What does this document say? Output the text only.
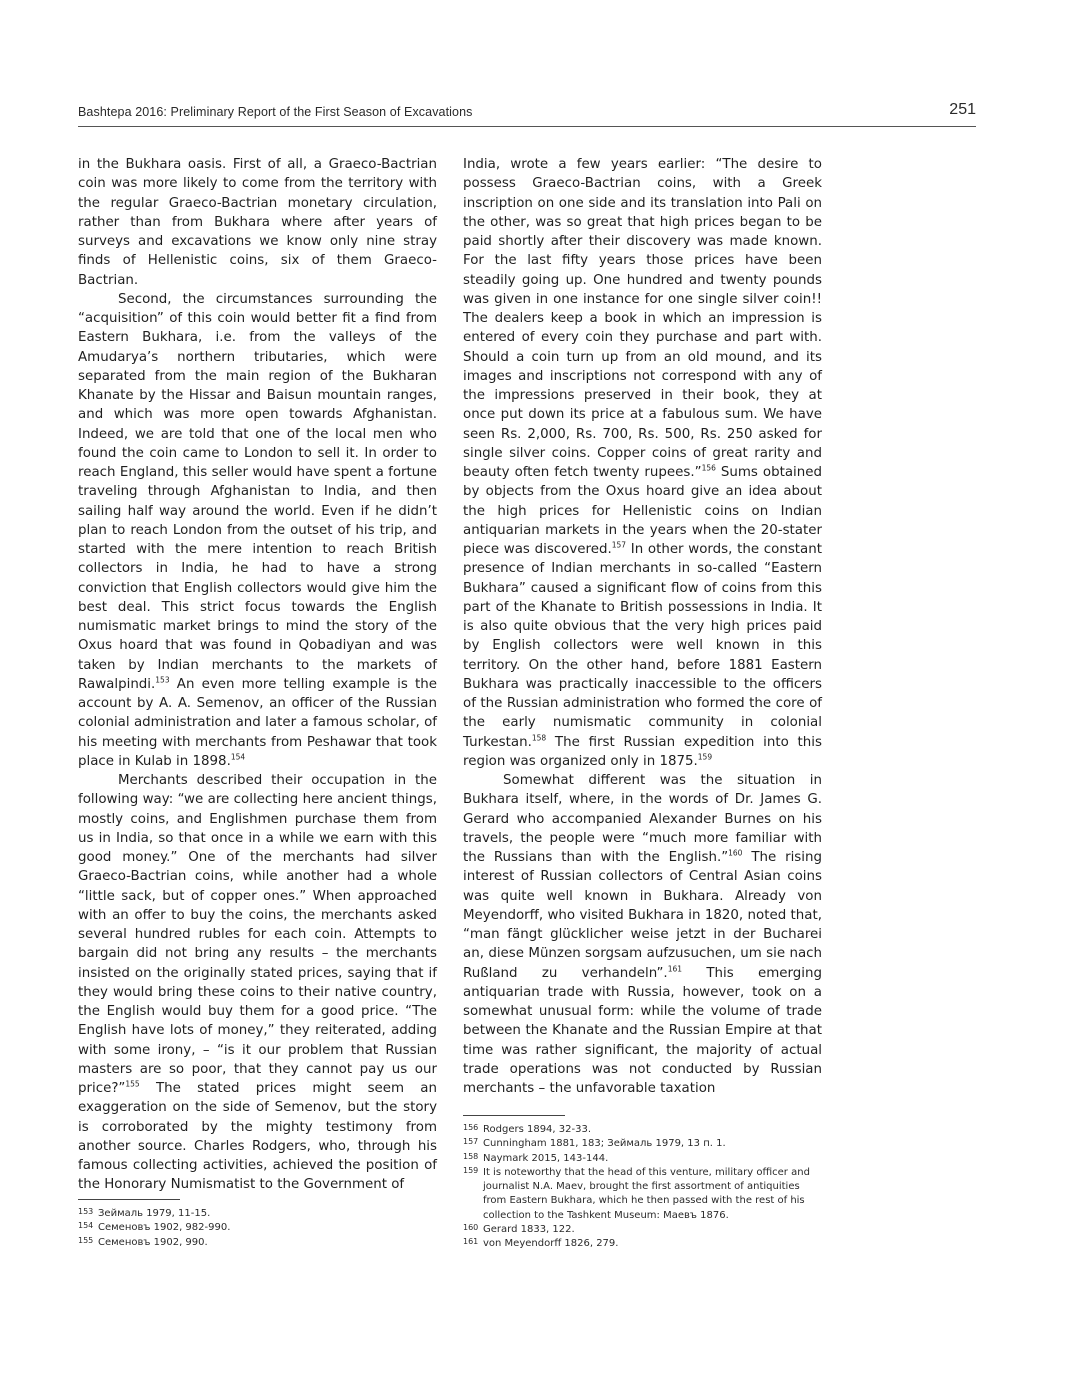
Bashtepa 2016: Preliminary Report of the First Season of Excavations	251

in the Bukhara oasis. First of all, a Graeco-Bactrian coin was more likely to come from the territory with the regular Graeco-Bactrian monetary circulation, rather than from Bukhara where after years of surveys and excavations we know only nine stray finds of Hellenistic coins, six of them Graeco-Bactrian.

Second, the circumstances surrounding the “acquisition” of this coin would better fit a find from Eastern Bukhara, i.e. from the valleys of the Amudarya’s northern tributaries, which were separated from the main region of the Bukharan Khanate by the Hissar and Baisun mountain ranges, and which was more open towards Afghanistan. Indeed, we are told that one of the local men who found the coin came to London to sell it. In order to reach England, this seller would have spent a fortune traveling through Afghanistan to India, and then sailing half way around the world. Even if he didn’t plan to reach London from the outset of his trip, and started with the mere intention to reach British collectors in India, he had to have a strong conviction that English collectors would give him the best deal. This strict focus towards the English numismatic market brings to mind the story of the Oxus hoard that was found in Qobadiyan and was taken by Indian merchants to the markets of Rawalpindi.$^{153}$ An even more telling example is the account by A. A. Semenov, an officer of the Russian colonial administration and later a famous scholar, of his meeting with merchants from Peshawar that took place in Kulab in 1898.$^{154}$

Merchants described their occupation in the following way: “we are collecting here ancient things, mostly coins, and Englishmen purchase them from us in India, so that once in a while we earn with this good money.” One of the merchants had silver Graeco-Bactrian coins, while another had a whole “little sack, but of copper ones.” When approached with an offer to buy the coins, the merchants asked several hundred rubles for each coin. Attempts to bargain did not bring any results – the merchants insisted on the originally stated prices, saying that if they would bring these coins to their native country, the English would buy them for a good price. “The English have lots of money,” they reiterated, adding with some irony, – “is it our problem that Russian masters are so poor, that they cannot pay us our price?”$^{155}$ The stated prices might seem an exaggeration on the side of Semenov, but the story is corroborated by the mighty testimony from another source. Charles Rodgers, who, through his famous collecting activities, achieved the position of the Honorary Numismatist to the Government of

India, wrote a few years earlier: “The desire to possess Graeco-Bactrian coins, with a Greek inscription on one side and its translation into Pali on the other, was so great that high prices began to be paid shortly after their discovery was made known. For the last fifty years those prices have been steadily going up. One hundred and twenty pounds was given in one instance for one single silver coin!! The dealers keep a book in which an impression is entered of every coin they purchase and part with. Should a coin turn up from an old mound, and its images and inscriptions not correspond with any of the impressions preserved in their book, they at once put down its price at a fabulous sum. We have seen Rs. 2,000, Rs. 700, Rs. 500, Rs. 250 asked for single silver coins. Copper coins of great rarity and beauty often fetch twenty rupees.”$^{156}$ Sums obtained by objects from the Oxus hoard give an idea about the high prices for Hellenistic coins on Indian antiquarian markets in the years when the 20-stater piece was discovered.$^{157}$ In other words, the constant presence of Indian merchants in so-called “Eastern Bukhara” caused a significant flow of coins from this part of the Khanate to British possessions in India. It is also quite obvious that the very high prices paid by English collectors were well known in this territory. On the other hand, before 1881 Eastern Bukhara was practically inaccessible to the officers of the Russian administration who formed the core of the early numismatic community in colonial Turkestan.$^{158}$ The first Russian expedition into this region was organized only in 1875.$^{159}$

Somewhat different was the situation in Bukhara itself, where, in the words of Dr. James G. Gerard who accompanied Alexander Burnes on his travels, the people were “much more familiar with the Russians than with the English.”$^{160}$ The rising interest of Russian collectors of Central Asian coins was quite well known in Bukhara. Already von Meyendorff, who visited Bukhara in 1820, noted that, “man fängt glücklicher weise jetzt in der Bucharei an, diese Münzen sorgsam aufzusuchen, um sie nach Rußland zu verhandeln”.$^{161}$ This emerging antiquarian trade with Russia, however, took on a somewhat unusual form: while the volume of trade between the Khanate and the Russian Empire at that time was rather significant, the majority of actual trade operations was not conducted by Russian merchants – the unfavorable taxation

153 Зеймаль 1979, 11-15.
154 Семеновъ 1902, 982-990.
155 Семеновъ 1902, 990.
156 Rodgers 1894, 32-33.
157 Cunningham 1881, 183; Зеймаль 1979, 13 п. 1.
158 Naymark 2015, 143-144.
159 It is noteworthy that the head of this venture, military officer and journalist N.A. Maev, brought the first assortment of antiquities from Eastern Bukhara, which he then passed with the rest of his collection to the Tashkent Museum: Маевъ 1876.
160 Gerard 1833, 122.
161 von Meyendorff 1826, 279.
